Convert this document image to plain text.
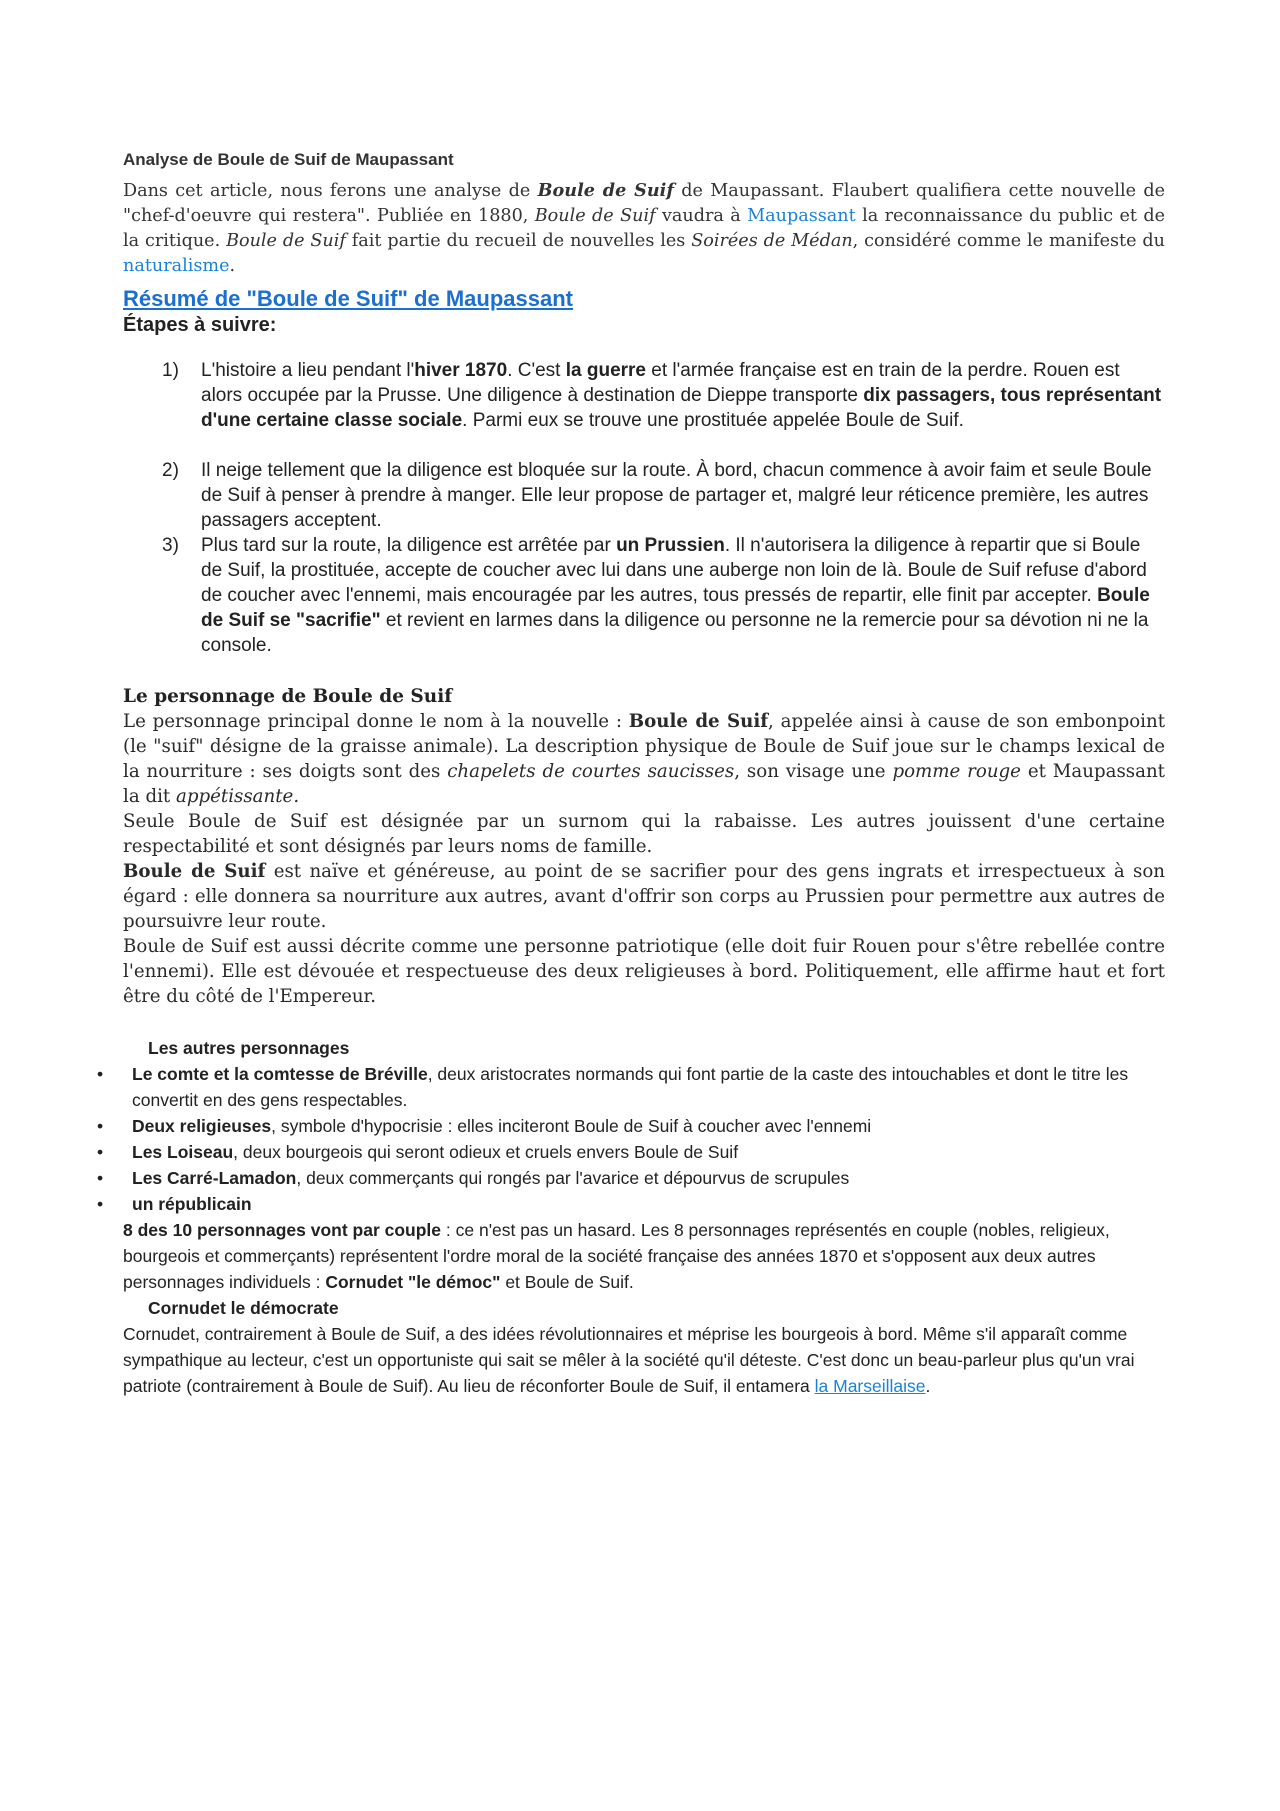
Analyse de Boule de Suif de Maupassant

Dans cet article, nous ferons une analyse de Boule de Suif de Maupassant. Flaubert qualifiera cette nouvelle de "chef-d'oeuvre qui restera". Publiée en 1880, Boule de Suif vaudra à Maupassant la reconnaissance du public et de la critique. Boule de Suif fait partie du recueil de nouvelles les Soirées de Médan, considéré comme le manifeste du naturalisme.

Résumé de "Boule de Suif" de Maupassant
Étapes à suivre:
1) L'histoire a lieu pendant l'hiver 1870. C'est la guerre et l'armée française est en train de la perdre. Rouen est alors occupée par la Prusse. Une diligence à destination de Dieppe transporte dix passagers, tous représentant d'une certaine classe sociale. Parmi eux se trouve une prostituée appelée Boule de Suif.
2) Il neige tellement que la diligence est bloquée sur la route. À bord, chacun commence à avoir faim et seule Boule de Suif à penser à prendre à manger. Elle leur propose de partager et, malgré leur réticence première, les autres passagers acceptent.
3) Plus tard sur la route, la diligence est arrêtée par un Prussien. Il n'autorisera la diligence à repartir que si Boule de Suif, la prostituée, accepte de coucher avec lui dans une auberge non loin de là. Boule de Suif refuse d'abord de coucher avec l'ennemi, mais encouragée par les autres, tous pressés de repartir, elle finit par accepter. Boule de Suif se "sacrifie" et revient en larmes dans la diligence ou personne ne la remercie pour sa dévotion ni ne la console.
Le personnage de Boule de Suif

Le personnage principal donne le nom à la nouvelle : Boule de Suif, appelée ainsi à cause de son embonpoint (le "suif" désigne de la graisse animale). La description physique de Boule de Suif joue sur le champs lexical de la nourriture : ses doigts sont des chapelets de courtes saucisses, son visage une pomme rouge et Maupassant la dit appétissante.

Seule Boule de Suif est désignée par un surnom qui la rabaisse. Les autres jouissent d'une certaine respectabilité et sont désignés par leurs noms de famille.

Boule de Suif est naïve et généreuse, au point de se sacrifier pour des gens ingrats et irrespectueux à son égard : elle donnera sa nourriture aux autres, avant d'offrir son corps au Prussien pour permettre aux autres de poursuivre leur route.

Boule de Suif est aussi décrite comme une personne patriotique (elle doit fuir Rouen pour s'être rebellée contre l'ennemi). Elle est dévouée et respectueuse des deux religieuses à bord. Politiquement, elle affirme haut et fort être du côté de l'Empereur.

Les autres personnages
• Le comte et la comtesse de Bréville, deux aristocrates normands qui font partie de la caste des intouchables et dont le titre les convertit en des gens respectables.
• Deux religieuses, symbole d'hypocrisie : elles inciteront Boule de Suif à coucher avec l'ennemi
• Les Loiseau, deux bourgeois qui seront odieux et cruels envers Boule de Suif
• Les Carré-Lamadon, deux commerçants qui rongés par l'avarice et dépourvus de scrupules
• un républicain

8 des 10 personnages vont par couple : ce n'est pas un hasard. Les 8 personnages représentés en couple (nobles, religieux, bourgeois et commerçants) représentent l'ordre moral de la société française des années 1870 et s'opposent aux deux autres personnages individuels : Cornudet "le démoc" et Boule de Suif.

Cornudet le démocrate

Cornudet, contrairement à Boule de Suif, a des idées révolutionnaires et méprise les bourgeois à bord. Même s'il apparaît comme sympathique au lecteur, c'est un opportuniste qui sait se mêler à la société qu'il déteste. C'est donc un beau-parleur plus qu'un vrai patriote (contrairement à Boule de Suif). Au lieu de réconforter Boule de Suif, il entamera la Marseillaise.
